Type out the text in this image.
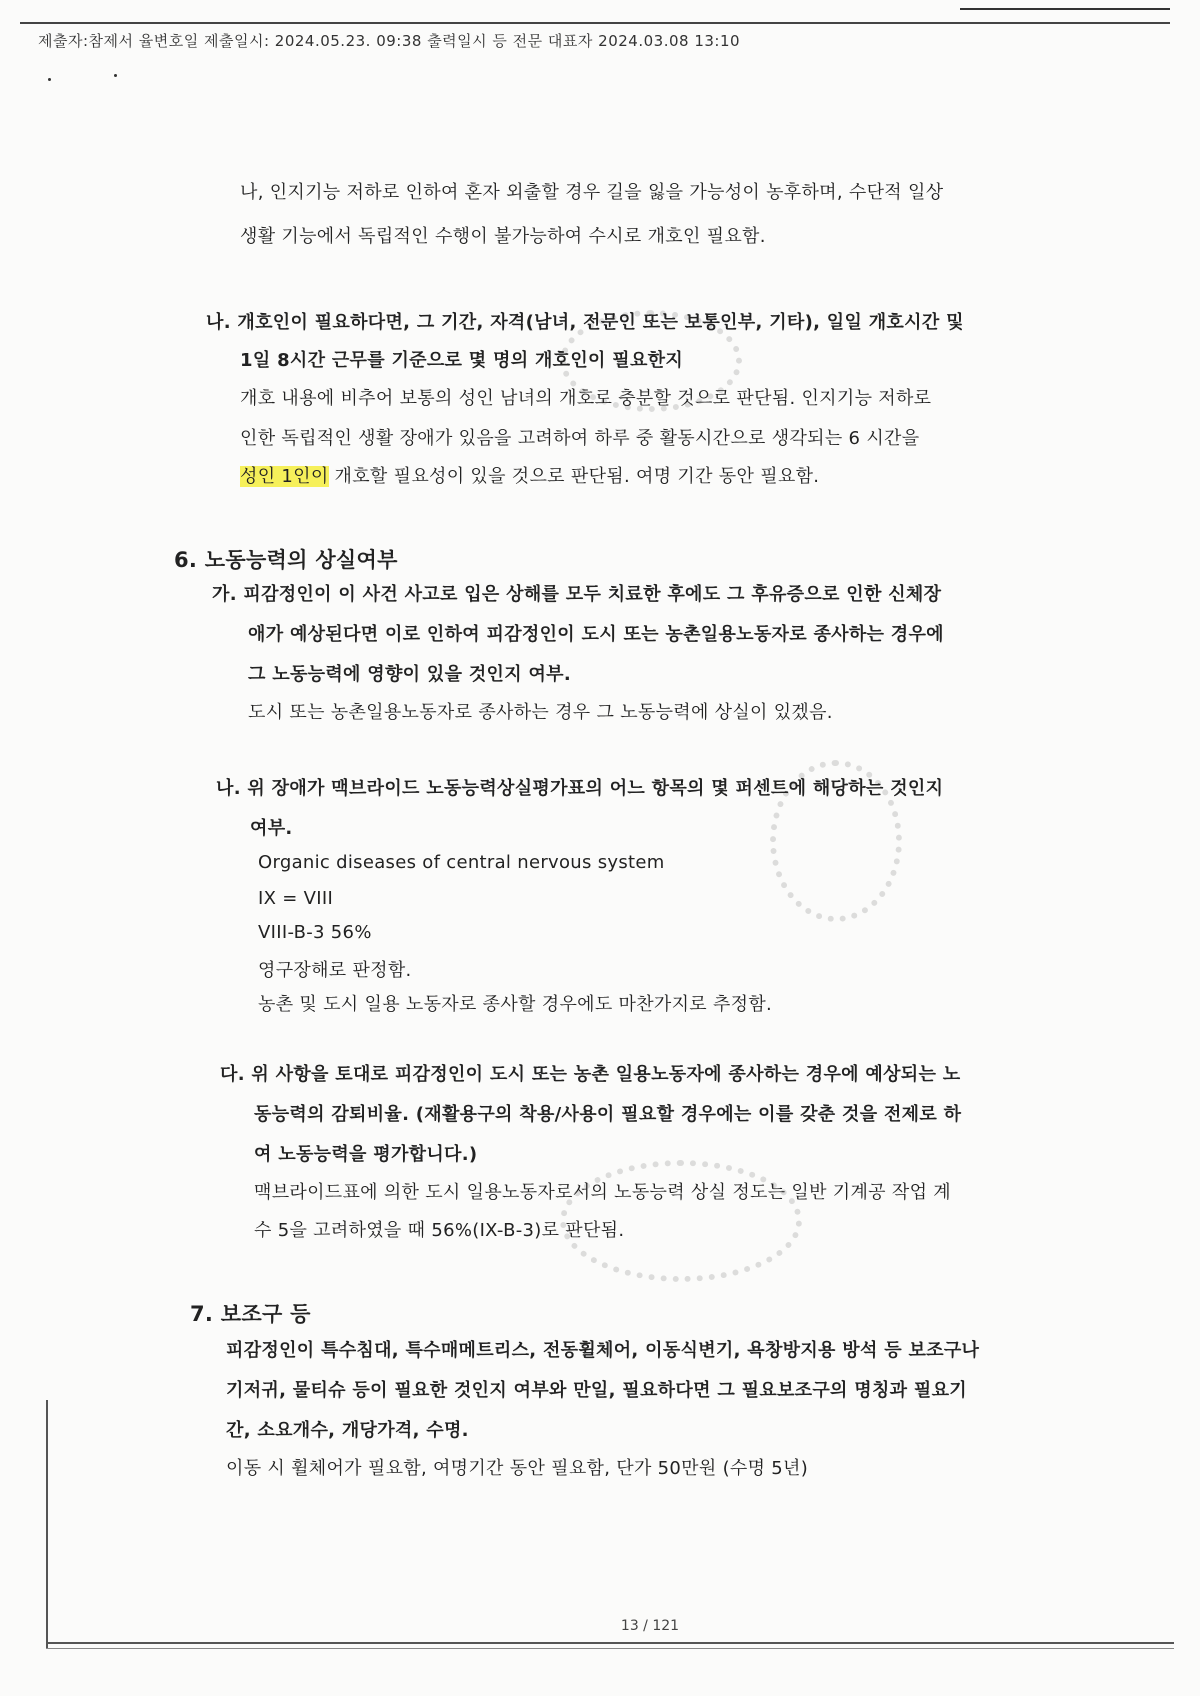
제출자:참제서 율변호일 제출일시: 2024.05.23. 09:38 출력일시 등 전문 대표자 2024.03.08 13:10
나, 인지기능 저하로 인하여 혼자 외출할 경우 길을 잃을 가능성이 농후하며, 수단적 일상
생활 기능에서 독립적인 수행이 불가능하여 수시로 개호인 필요함.
나. 개호인이 필요하다면, 그 기간, 자격(남녀, 전문인 또는 보통인부, 기타), 일일 개호시간 및
1일 8시간 근무를 기준으로 몇 명의 개호인이 필요한지
개호 내용에 비추어 보통의 성인 남녀의 개호로 충분할 것으로 판단됨. 인지기능 저하로
인한 독립적인 생활 장애가 있음을 고려하여 하루 중 활동시간으로 생각되는 6 시간을
성인 1인이 개호할 필요성이 있을 것으로 판단됨. 여명 기간 동안 필요함.
6. 노동능력의 상실여부
가. 피감정인이 이 사건 사고로 입은 상해를 모두 치료한 후에도 그 후유증으로 인한 신체장
애가 예상된다면 이로 인하여 피감정인이 도시 또는 농촌일용노동자로 종사하는 경우에
그 노동능력에 영향이 있을 것인지 여부.
도시 또는 농촌일용노동자로 종사하는 경우 그 노동능력에 상실이 있겠음.
나. 위 장애가 맥브라이드 노동능력상실평가표의 어느 항목의 몇 퍼센트에 해당하는 것인지
여부.
Organic diseases of central nervous system
IX = VIII
VIII-B-3 56%
영구장해로 판정함.
농촌 및 도시 일용 노동자로 종사할 경우에도 마찬가지로 추정함.
다. 위 사항을 토대로 피감정인이 도시 또는 농촌 일용노동자에 종사하는 경우에 예상되는 노
동능력의 감퇴비율. (재활용구의 착용/사용이 필요할 경우에는 이를 갖춘 것을 전제로 하
여 노동능력을 평가합니다.)
맥브라이드표에 의한 도시 일용노동자로서의 노동능력 상실 정도는 일반 기계공 작업 계
수 5을 고려하였을 때 56%(IX-B-3)로 판단됨.
7. 보조구 등
피감정인이 특수침대, 특수매메트리스, 전동휠체어, 이동식변기, 욕창방지용 방석 등 보조구나
기저귀, 물티슈 등이 필요한 것인지 여부와 만일, 필요하다면 그 필요보조구의 명칭과 필요기
간, 소요개수, 개당가격, 수명.
이동 시 휠체어가 필요함, 여명기간 동안 필요함, 단가 50만원 (수명 5년)
13 / 121
